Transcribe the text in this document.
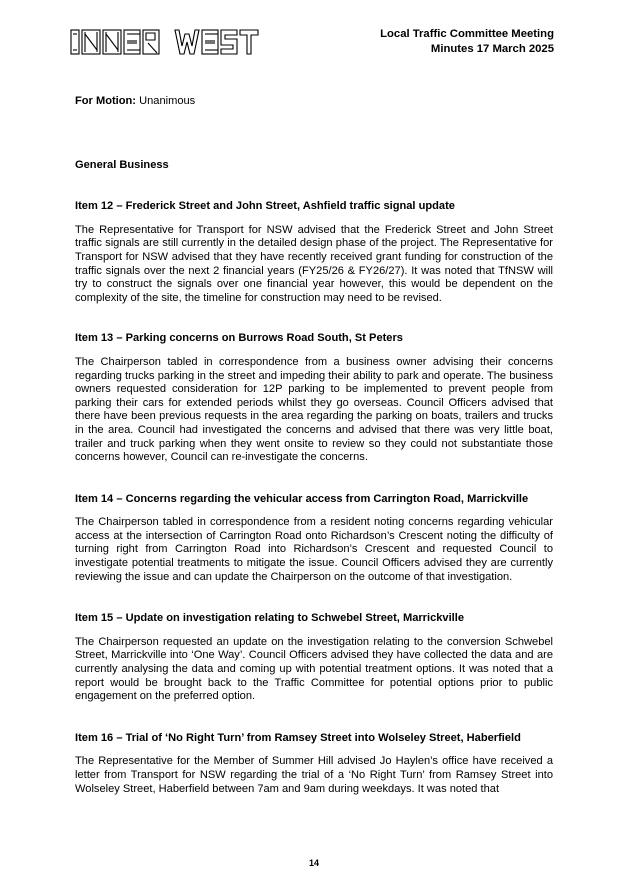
Local Traffic Committee Meeting
Minutes 17 March 2025

For Motion: Unanimous

General Business

Item 12 – Frederick Street and John Street, Ashfield traffic signal update

The Representative for Transport for NSW advised that the Frederick Street and John Street traffic signals are still currently in the detailed design phase of the project. The Representative for Transport for NSW advised that they have recently received grant funding for construction of the traffic signals over the next 2 financial years (FY25/26 & FY26/27). It was noted that TfNSW will try to construct the signals over one financial year however, this would be dependent on the complexity of the site, the timeline for construction may need to be revised.

Item 13 – Parking concerns on Burrows Road South, St Peters

The Chairperson tabled in correspondence from a business owner advising their concerns regarding trucks parking in the street and impeding their ability to park and operate. The business owners requested consideration for 12P parking to be implemented to prevent people from parking their cars for extended periods whilst they go overseas. Council Officers advised that there have been previous requests in the area regarding the parking on boats, trailers and trucks in the area. Council had investigated the concerns and advised that there was very little boat, trailer and truck parking when they went onsite to review so they could not substantiate those concerns however, Council can re-investigate the concerns.

Item 14 – Concerns regarding the vehicular access from Carrington Road, Marrickville

The Chairperson tabled in correspondence from a resident noting concerns regarding vehicular access at the intersection of Carrington Road onto Richardson’s Crescent noting the difficulty of turning right from Carrington Road into Richardson’s Crescent and requested Council to investigate potential treatments to mitigate the issue. Council Officers advised they are currently reviewing the issue and can update the Chairperson on the outcome of that investigation.

Item 15 – Update on investigation relating to Schwebel Street, Marrickville

The Chairperson requested an update on the investigation relating to the conversion Schwebel Street, Marrickville into ‘One Way’. Council Officers advised they have collected the data and are currently analysing the data and coming up with potential treatment options. It was noted that a report would be brought back to the Traffic Committee for potential options prior to public engagement on the preferred option.

Item 16 – Trial of ‘No Right Turn’ from Ramsey Street into Wolseley Street, Haberfield

The Representative for the Member of Summer Hill advised Jo Haylen’s office have received a letter from Transport for NSW regarding the trial of a ‘No Right Turn’ from Ramsey Street into Wolseley Street, Haberfield between 7am and 9am during weekdays. It was noted that

14
